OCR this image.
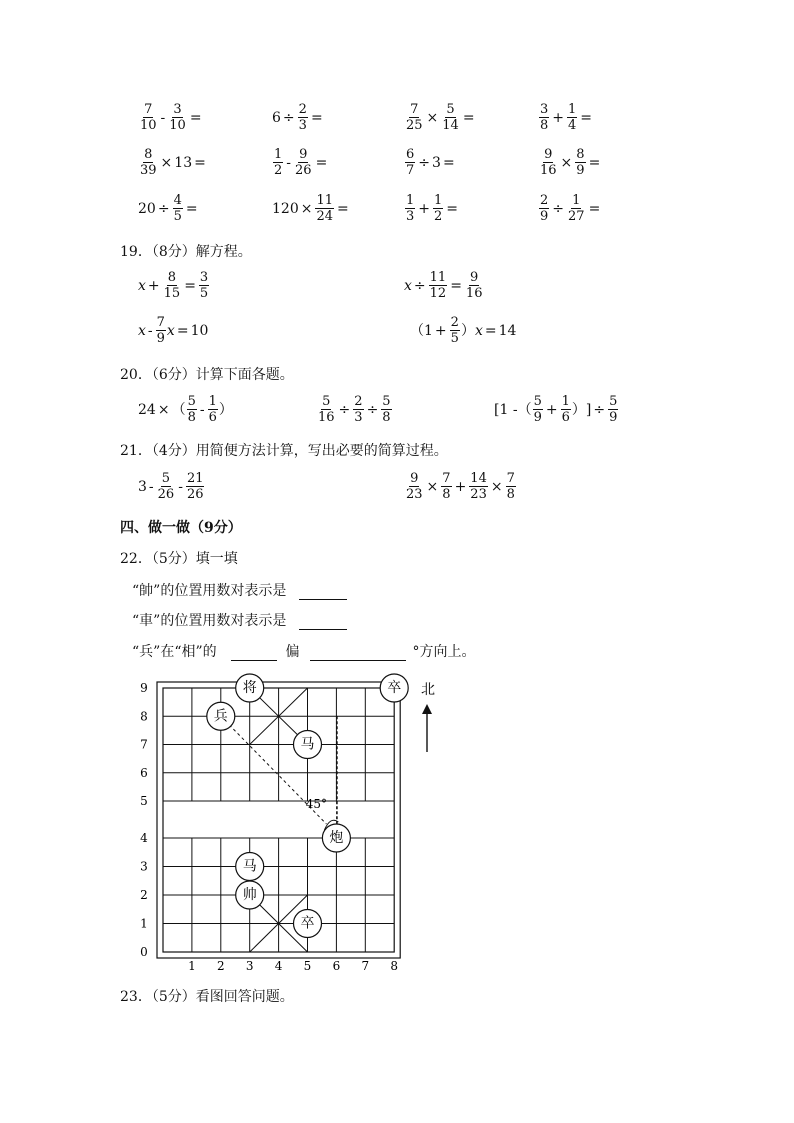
$\frac{7}{10} - \frac{3}{10}$ =	$6 \div \frac{2}{3}$ =	$\frac{7}{25} \times \frac{5}{14}$ =	$\frac{3}{8} + \frac{1}{4}$ =
$\frac{8}{39} \times 13$ =	$\frac{1}{2} - \frac{9}{26}$ =	$\frac{6}{7} \div 3$ =	$\frac{9}{16} \times \frac{8}{9}$ =
$20 \div \frac{4}{5}$ =	$120 \times \frac{11}{24}$ =	$\frac{1}{3} + \frac{1}{2}$ =	$\frac{2}{9} \div \frac{1}{27}$ =
19．（8分）解方程。
$x + \frac{8}{15} = \frac{3}{5}$	$x \div \frac{11}{12} = \frac{9}{16}$
x - $\frac{7}{9}$ x = 10	（$1 + \frac{2}{5}$ ） x = 14
20．（6分）计算下面各题。
24 × （ $\frac{5}{8} - \frac{1}{6}$ ）	$\frac{5}{16} \div \frac{2}{3} \div \frac{5}{8}$	[1 - （ $\frac{5}{9} + \frac{1}{6}$ ） ] ÷ $\frac{5}{9}$
21．（4分）用简便方法计算，写出必要的简算过程。
$3 - \frac{5}{26} - \frac{21}{26}$	$\frac{9}{23} \times \frac{7}{8} + \frac{14}{23} \times \frac{7}{8}$
四、做一做（9分）
22．（5分）填一填
“帥”的位置用数对表示是
“車”的位置用数对表示是
“兵”在“相”的	偏	°方向上。
45°
9
8
7
6
5
4
3
2
1
0
1 2 3 4 5 6 7 8
北
将	卒
兵
马
炮
马
帅
卒
23．（5分）看图回答问题。
